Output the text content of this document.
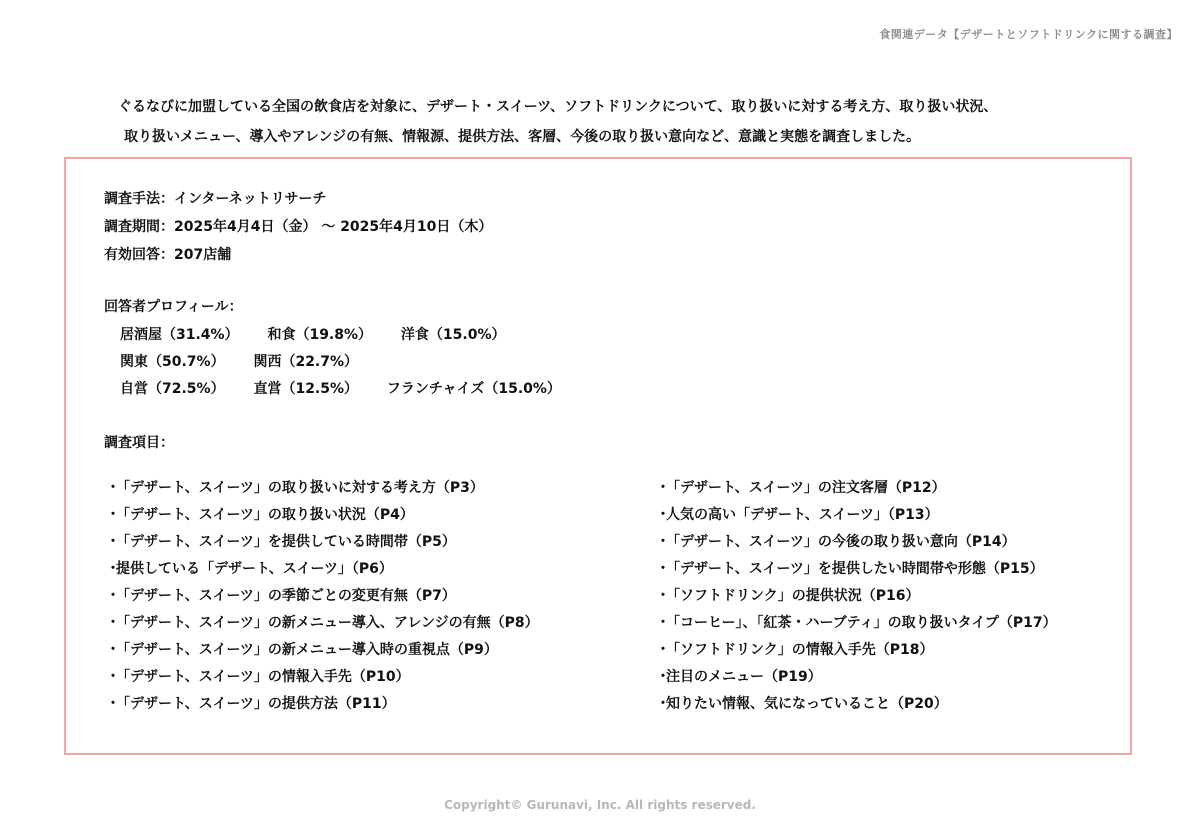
食関連データ【デザートとソフトドリンクに関する調査】
ぐるなびに加盟している全国の飲食店を対象に、デザート・スイーツ、ソフトドリンクについて、取り扱いに対する考え方、取り扱い状況、
取り扱いメニュー、導入やアレンジの有無、情報源、提供方法、客層、今後の取り扱い意向など、意識と実態を調査しました。
調査手法：インターネットリサーチ
調査期間：2025年4月4日（金） ～ 2025年4月10日（木）
有効回答：207店舗
回答者プロフィール：
居酒屋（31.4%） 和食（19.8%） 洋食（15.0%）
関東（50.7%） 関西（22.7%）
自営（72.5%） 直営（12.5%） フランチャイズ（15.0%）
調査項目：
・「デザート、スイーツ」の取り扱いに対する考え方（P3）
・「デザート、スイーツ」の取り扱い状況（P4）
・「デザート、スイーツ」を提供している時間帯（P5）
・提供している「デザート、スイーツ」（P6）
・「デザート、スイーツ」の季節ごとの変更有無（P7）
・「デザート、スイーツ」の新メニュー導入、アレンジの有無（P8）
・「デザート、スイーツ」の新メニュー導入時の重視点（P9）
・「デザート、スイーツ」の情報入手先（P10）
・「デザート、スイーツ」の提供方法（P11）
・「デザート、スイーツ」の注文客層（P12）
・人気の高い「デザート、スイーツ」（P13）
・「デザート、スイーツ」の今後の取り扱い意向（P14）
・「デザート、スイーツ」を提供したい時間帯や形態（P15）
・「ソフトドリンク」の提供状況（P16）
・「コーヒー」、「紅茶・ハーブティ」の取り扱いタイプ（P17）
・「ソフトドリンク」の情報入手先（P18）
・注目のメニュー（P19）
・知りたい情報、気になっていること（P20）
Copyright© Gurunavi, Inc. All rights reserved.
